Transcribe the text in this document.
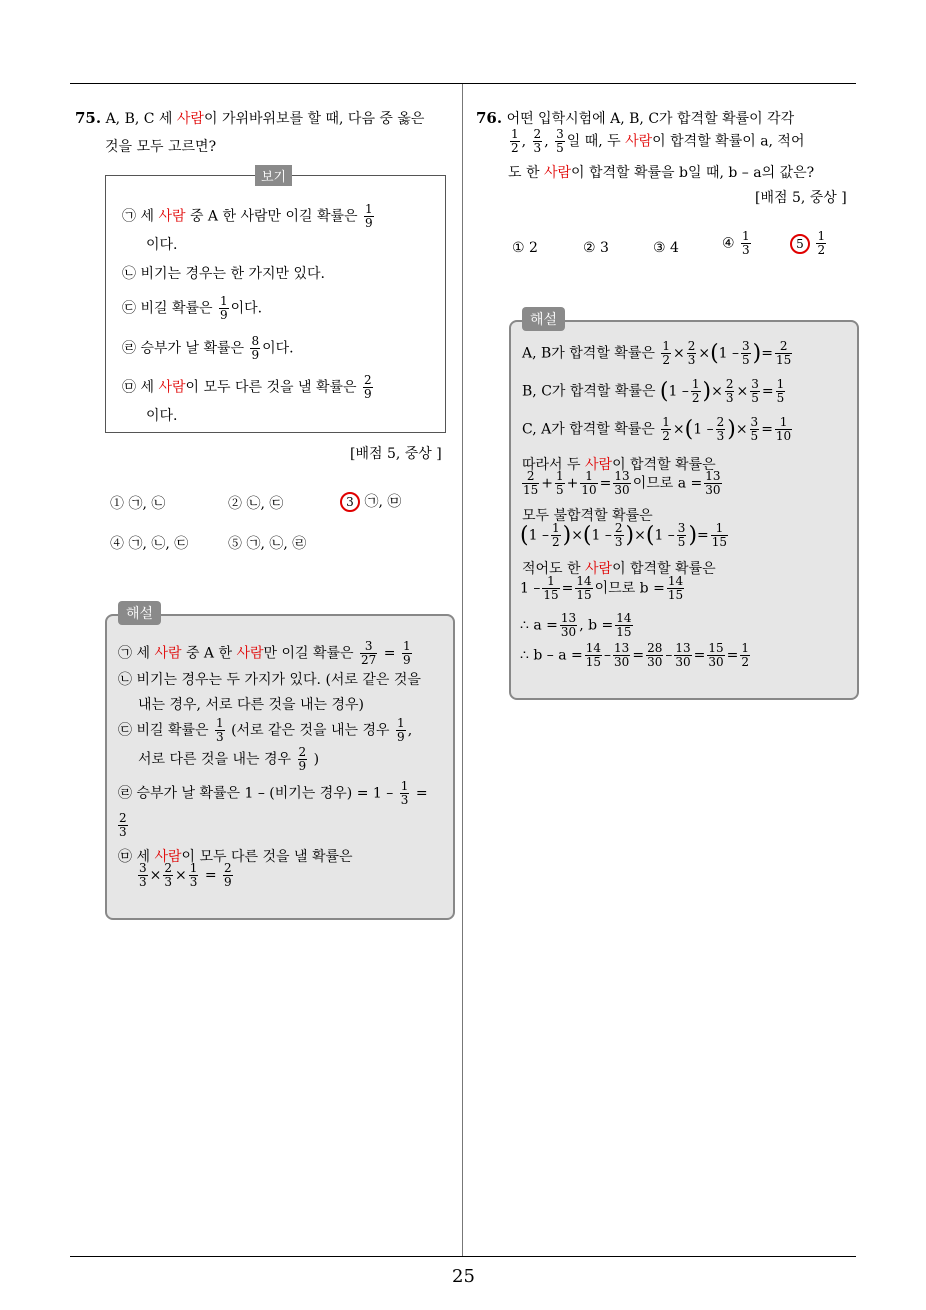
75. A, B, C 세 사람이 가위바위보를 할 때, 다음 중 옳은
것을 모두 고르면?
보기
㉠ 세 사람 중 A 한 사람만 이길 확률은 $\frac{1}{9}$
이다.
㉡ 비기는 경우는 한 가지만 있다.
㉢ 비길 확률은 $\frac{1}{9}$ 이다.
㉣ 승부가 날 확률은 $\frac{8}{9}$ 이다.
㉤ 세 사람이 모두 다른 것을 낼 확률은 $\frac{2}{9}$
이다.
[배점 5, 중상 ]
① ㉠, ㉡	② ㉡, ㉢	3 ㉠, ㉤
④ ㉠, ㉡, ㉢	⑤ ㉠, ㉡, ㉣
해설
㉠ 세 사람 중 A 한 사람만 이길 확률은 $\frac{3}{27} = \frac{1}{9}$
㉡ 비기는 경우는 두 가지가 있다. (서로 같은 것을
내는 경우, 서로 다른 것을 내는 경우)
㉢ 비길 확률은 $\frac{1}{3}$ (서로 같은 것을 내는 경우 $\frac{1}{9}$ ,
서로 다른 것을 내는 경우 $\frac{2}{9}$ )
㉣ 승부가 날 확률은 1 – (비기는 경우) = $1 - \frac{1}{3}$ =
$\frac{2}{3}$
㉤ 세 사람이 모두 다른 것을 낼 확률은
$\frac{3}{3} \times \frac{2}{3} \times \frac{1}{3} = \frac{2}{9}$
76. 어떤 입학시험에 A, B, C가 합격할 확률이 각각
$\frac{1}{2}$ , $\frac{2}{3}$ , $\frac{3}{5}$ 일 때, 두 사람이 합격할 확률이 a, 적어
도 한 사람이 합격할 확률을 b일 때, b – a의 값은?
[배점 5, 중상 ]
① 2	② 3	③ 4	④ $\frac{1}{3}$	$5 \frac{1}{2}$
해설
A, B가 합격할 확률은 $\frac{1}{2} \times \frac{2}{3} \times(1 - \frac{3}{5}$ )= $\frac{2}{15}$
B, C가 합격할 확률은 ($1 - \frac{1}{2}$ )× $\frac{2}{3} \times \frac{3}{5} = \frac{1}{5}$
C, A가 합격할 확률은 $\frac{1}{2} \times(1 - \frac{2}{3}$ )× $\frac{3}{5} = \frac{1}{10}$
따라서 두 사람이 합격할 확률은
$\frac{2}{15} + \frac{1}{5} + \frac{1}{10} = \frac{13}{30}$ 이므로 $a = \frac{13}{30}$
모두 불합격할 확률은
$(1 - \frac{1}{2} )\times(1 - \frac{2}{3} )\times(1 - \frac{3}{5}$ )= $\frac{1}{15}$
적어도 한 사람이 합격할 확률은
$1 - \frac{1}{15} = \frac{14}{15}$ 이므로 $b = \frac{14}{15}$
∴ $a = \frac{13}{30}$ , $b = \frac{14}{15}$
∴ $b - a = \frac{14}{15} - \frac{13}{30} = \frac{28}{30} - \frac{13}{30} = \frac{15}{30} = \frac{1}{2}$
25
